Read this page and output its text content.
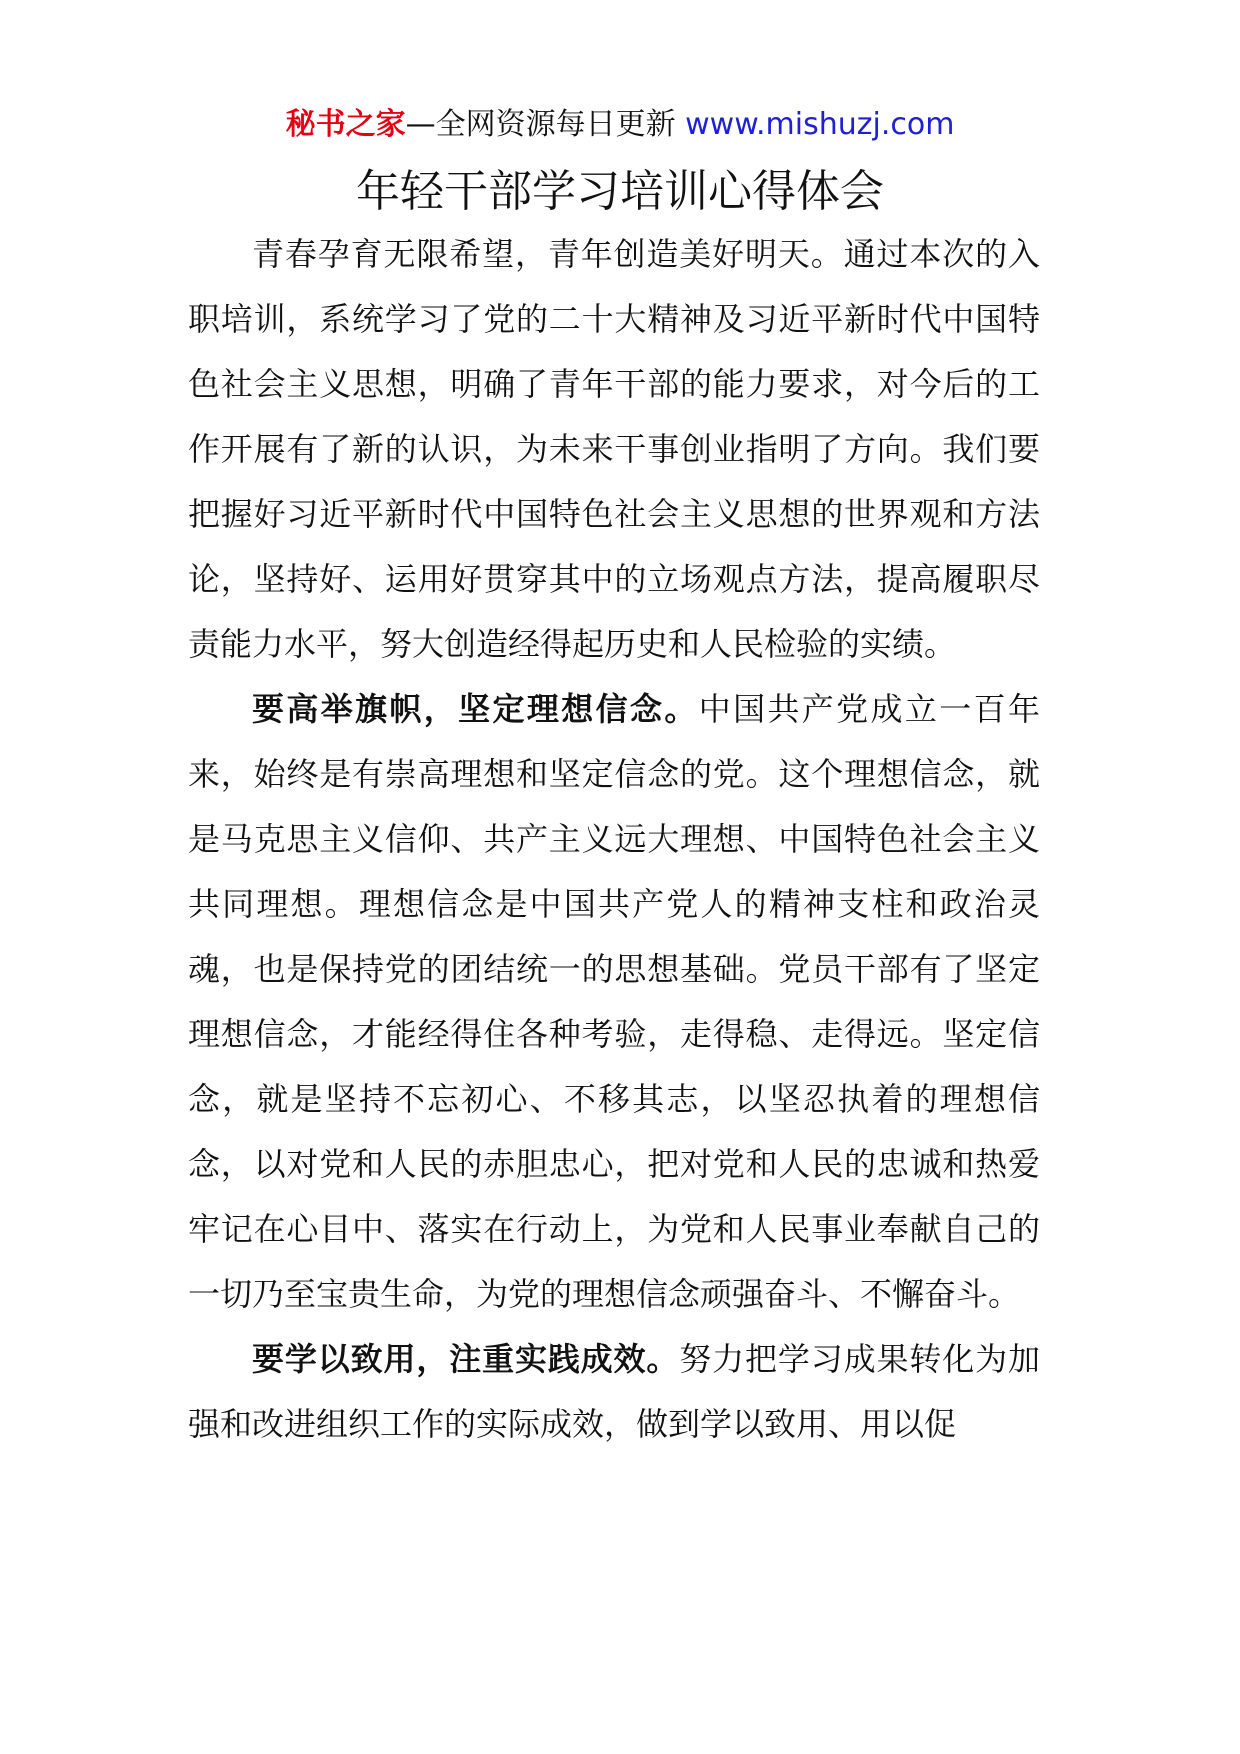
秘书之家—全网资源每日更新 www.mishuzj.com
年轻干部学习培训心得体会

青春孕育无限希望，青年创造美好明天。通过本次的入职培训，系统学习了党的二十大精神及习近平新时代中国特色社会主义思想，明确了青年干部的能力要求，对今后的工作开展有了新的认识，为未来干事创业指明了方向。我们要把握好习近平新时代中国特色社会主义思想的世界观和方法论，坚持好、运用好贯穿其中的立场观点方法，提高履职尽责能力水平，努大创造经得起历史和人民检验的实绩。

要高举旗帜，坚定理想信念。中国共产党成立一百年来，始终是有崇高理想和坚定信念的党。这个理想信念，就是马克思主义信仰、共产主义远大理想、中国特色社会主义共同理想。理想信念是中国共产党人的精神支柱和政治灵魂，也是保持党的团结统一的思想基础。党员干部有了坚定理想信念，才能经得住各种考验，走得稳、走得远。坚定信念，就是坚持不忘初心、不移其志，以坚忍执着的理想信念，以对党和人民的赤胆忠心，把对党和人民的忠诚和热爱牢记在心目中、落实在行动上，为党和人民事业奉献自己的一切乃至宝贵生命，为党的理想信念顽强奋斗、不懈奋斗。

要学以致用，注重实践成效。努力把学习成果转化为加强和改进组织工作的实际成效，做到学以致用、用以促
